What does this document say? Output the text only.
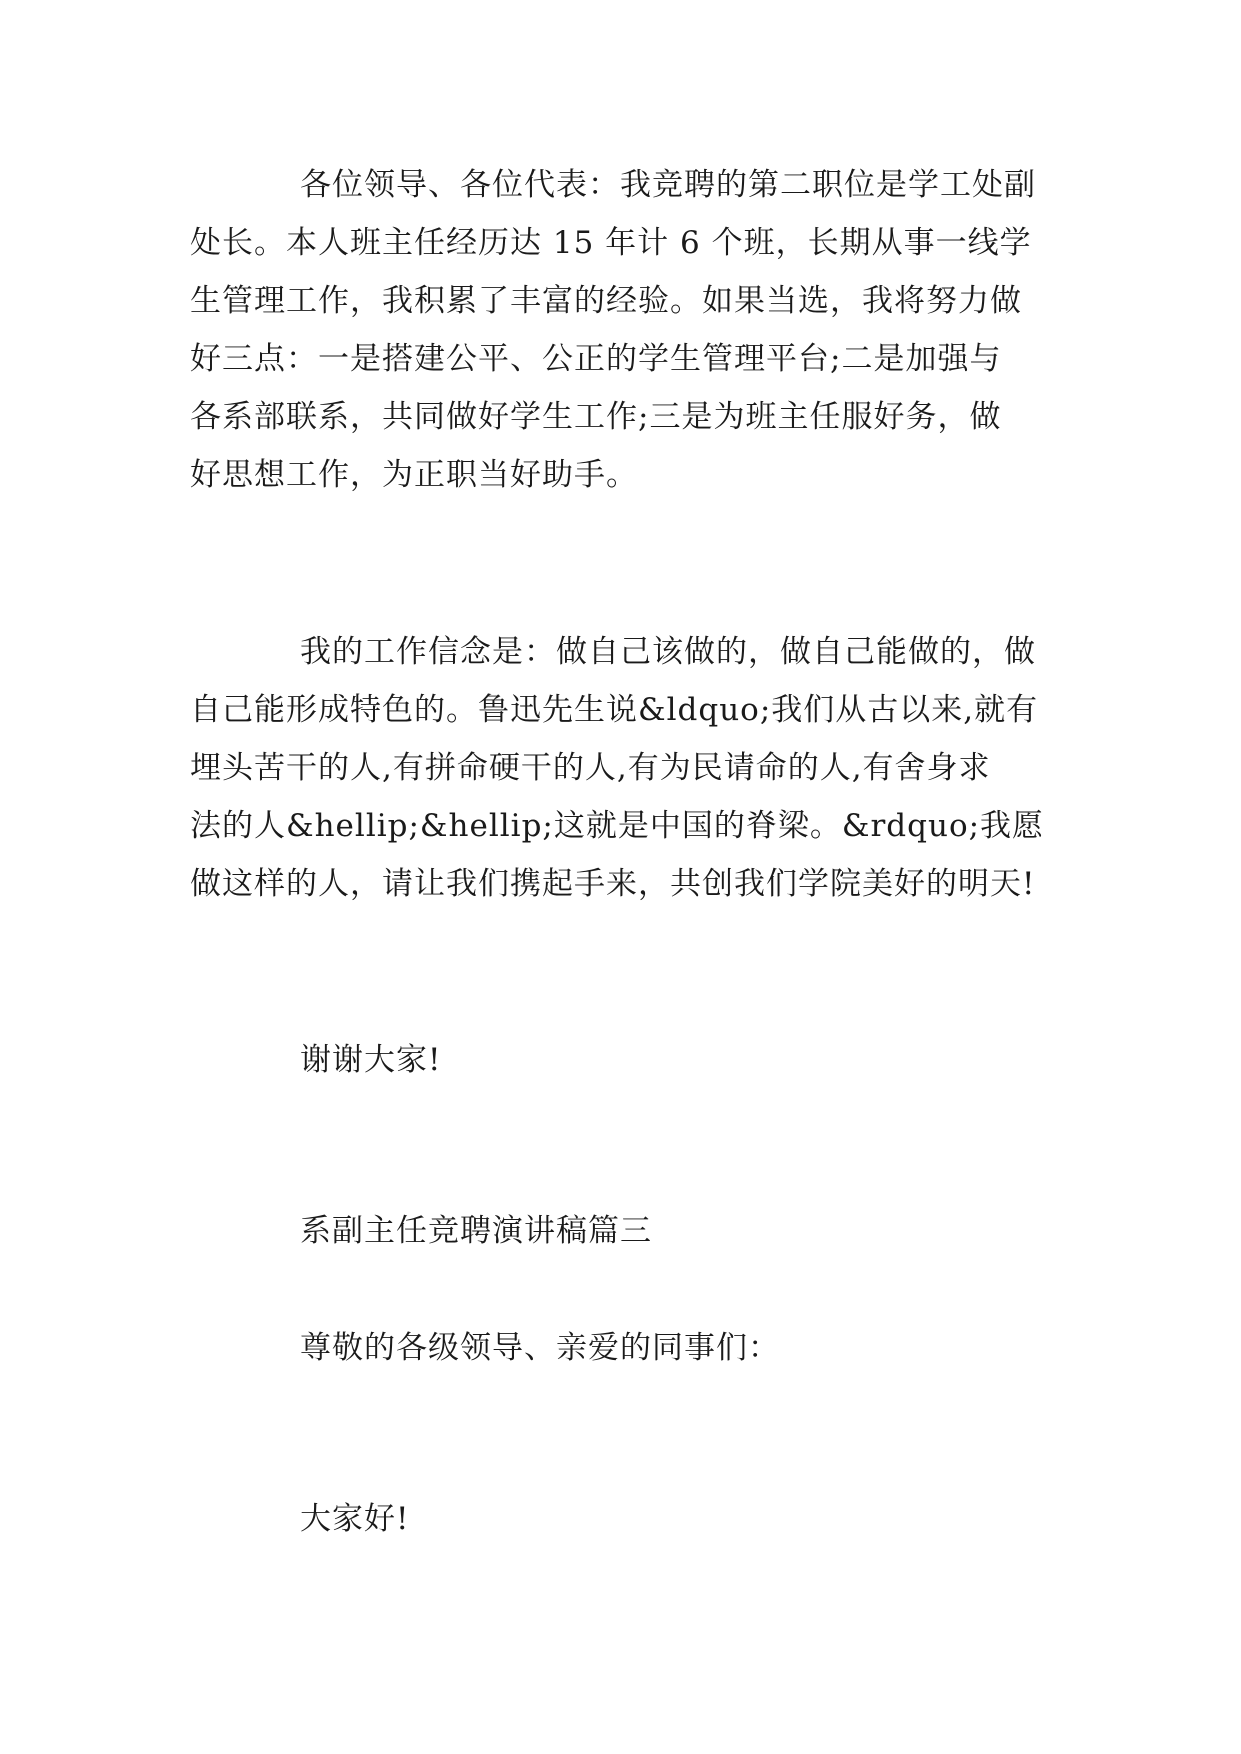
各位领导、各位代表：我竞聘的第二职位是学工处副
处长。本人班主任经历达 15 年计 6 个班，长期从事一线学
生管理工作，我积累了丰富的经验。如果当选，我将努力做
好三点：一是搭建公平、公正的学生管理平台;二是加强与
各系部联系，共同做好学生工作;三是为班主任服好务，做
好思想工作，为正职当好助手。
我的工作信念是：做自己该做的，做自己能做的，做
自己能形成特色的。鲁迅先生说&ldquo;我们从古以来,就有
埋头苦干的人,有拼命硬干的人,有为民请命的人,有舍身求
法的人&hellip;&hellip;这就是中国的脊梁。&rdquo;我愿
做这样的人，请让我们携起手来，共创我们学院美好的明天!
谢谢大家!
系副主任竞聘演讲稿篇三
尊敬的各级领导、亲爱的同事们：
大家好!
